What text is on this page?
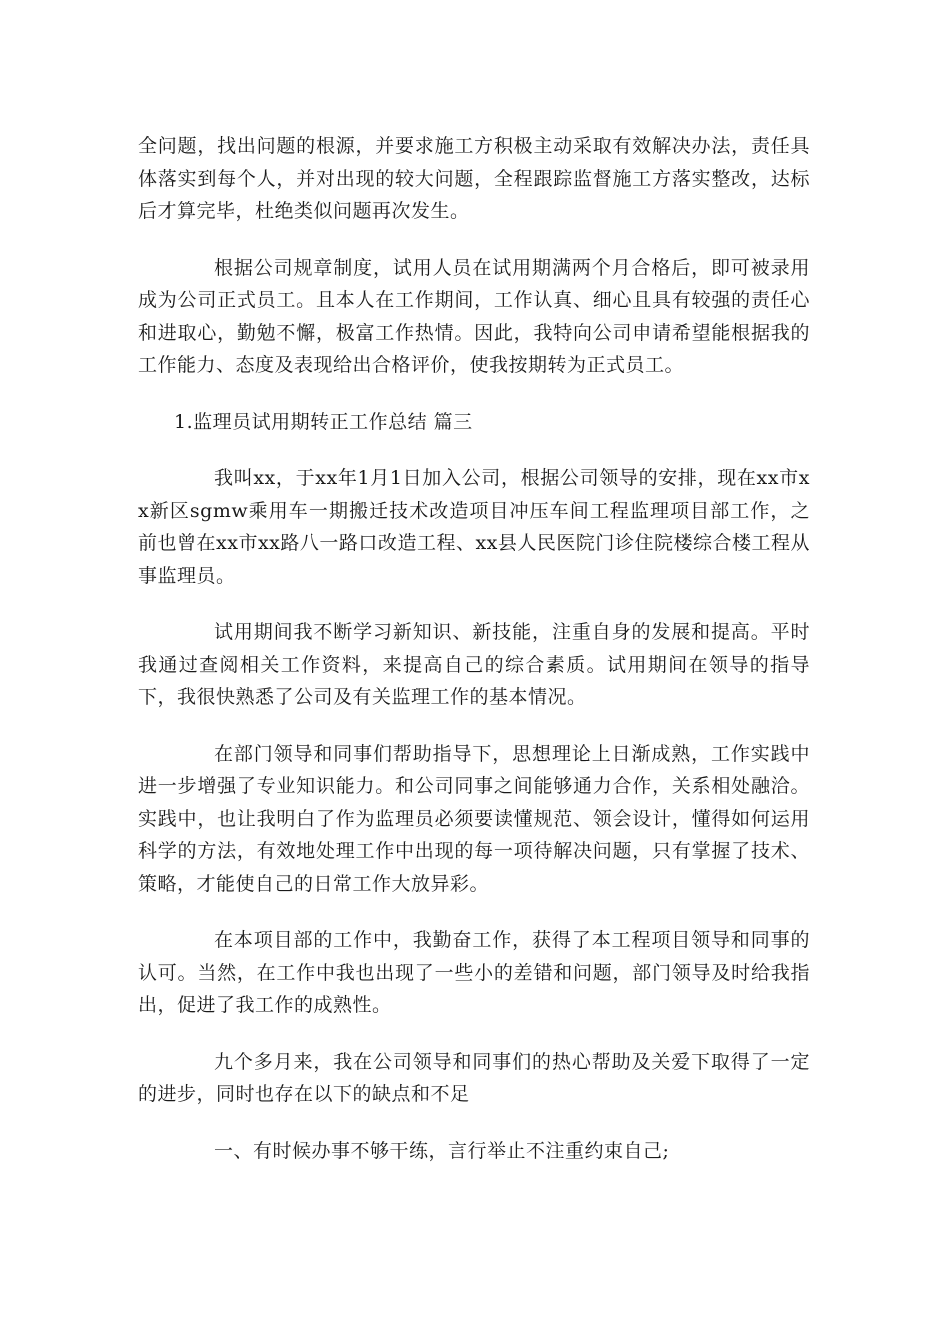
全问题，找出问题的根源，并要求施工方积极主动采取有效解决办法，责任具体落实到每个人，并对出现的较大问题，全程跟踪监督施工方落实整改，达标后才算完毕，杜绝类似问题再次发生。

根据公司规章制度，试用人员在试用期满两个月合格后，即可被录用成为公司正式员工。且本人在工作期间，工作认真、细心且具有较强的责任心和进取心，勤勉不懈，极富工作热情。因此，我特向公司申请希望能根据我的工作能力、态度及表现给出合格评价，使我按期转为正式员工。

1.监理员试用期转正工作总结 篇三

我叫xx，于xx年1月1日加入公司，根据公司领导的安排，现在xx市xx新区sgmw乘用车一期搬迁技术改造项目冲压车间工程监理项目部工作，之前也曾在xx市xx路八一路口改造工程、xx县人民医院门诊住院楼综合楼工程从事监理员。

试用期间我不断学习新知识、新技能，注重自身的发展和提高。平时我通过查阅相关工作资料，来提高自己的综合素质。试用期间在领导的指导下，我很快熟悉了公司及有关监理工作的基本情况。

在部门领导和同事们帮助指导下，思想理论上日渐成熟，工作实践中进一步增强了专业知识能力。和公司同事之间能够通力合作，关系相处融洽。实践中，也让我明白了作为监理员必须要读懂规范、领会设计，懂得如何运用科学的方法，有效地处理工作中出现的每一项待解决问题，只有掌握了技术、策略，才能使自己的日常工作大放异彩。

在本项目部的工作中，我勤奋工作，获得了本工程项目领导和同事的认可。当然，在工作中我也出现了一些小的差错和问题，部门领导及时给我指出，促进了我工作的成熟性。

九个多月来，我在公司领导和同事们的热心帮助及关爱下取得了一定的进步，同时也存在以下的缺点和不足

一、有时候办事不够干练，言行举止不注重约束自己;
